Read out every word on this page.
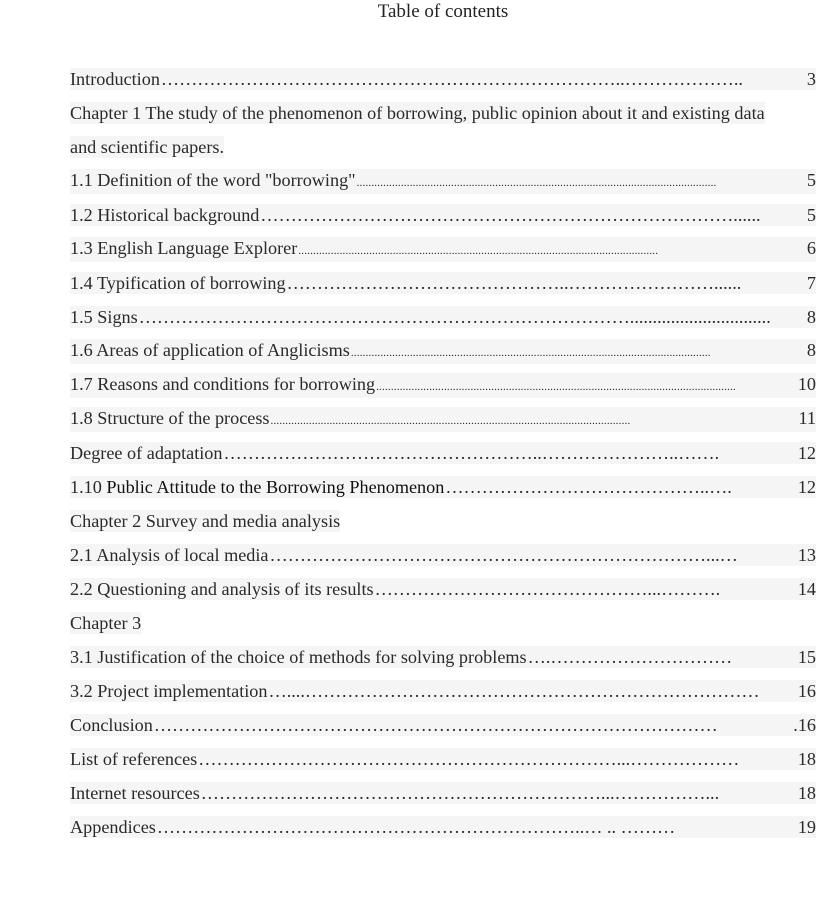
Table of contents
Introduction …………………………………………………………………..………………..	3
Chapter 1 The study of the phenomenon of borrowing, public opinion about it and existing data
and scientific papers.
1.1 Definition of the word "borrowing" ..........................................................................................................................	5
1.2 Historical background ……………………………………………………………………......	5
1.3 English Language Explorer ..........................................................................................................................	6
1.4 Typification of borrowing ………………………………………..……………………......	7
1.5 Signs ………………………………………………………………………...............................	8
1.6 Areas of application of Anglicisms ..........................................................................................................................	8
1.7 Reasons and conditions for borrowing ..........................................................................................................................	10
1.8 Structure of the process ..........................................................................................................................	11
Degree of adaptation ……………………………………………..…………………..…….	12
1.10 Public Attitude to the Borrowing Phenomenon ……………………………………..….	12
Chapter 2 Survey and media analysis
2.1 Analysis of local media ………………………………………………………………...…	13
2.2 Questioning and analysis of its results ………………………………………...……….	14
Chapter 3
3.1 Justification of the choice of methods for solving problems ….…………………………	15
3.2 Project implementation …....…………………………………………………………………	16
Conclusion …………………………………………………………………………………	.16
List of references ……………………………………………………………...………………	18
Internet resources …………………………………………………………...……………...	18
Appendices ……………………………………………………………..… .. ………	19
